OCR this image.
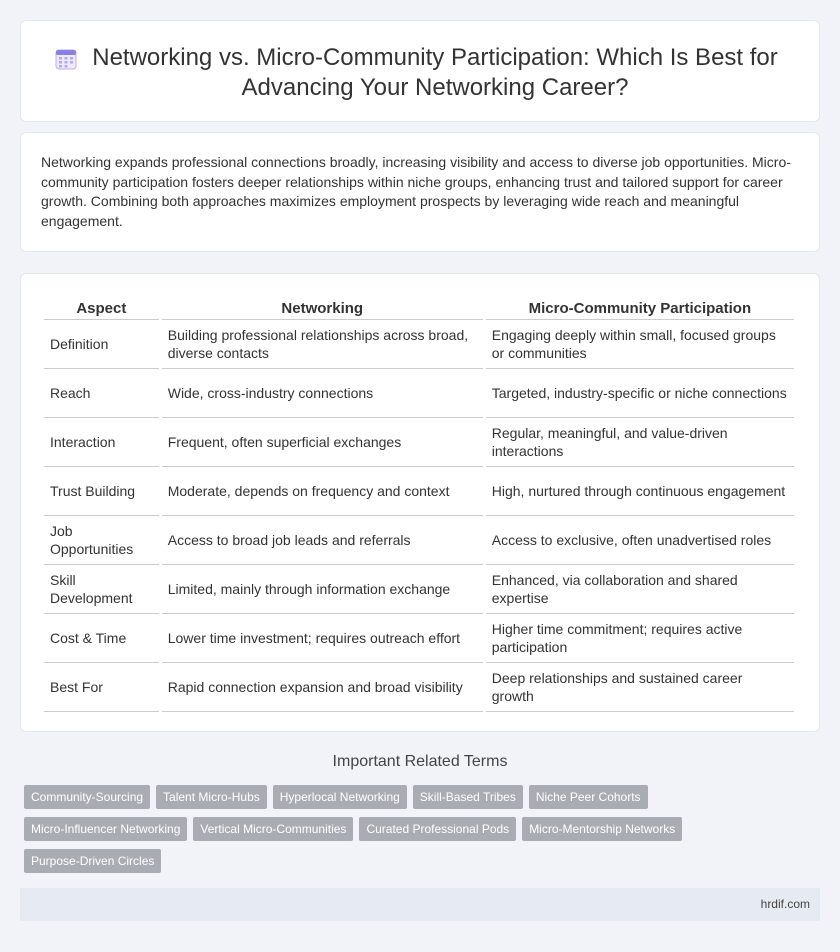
Networking vs. Micro-Community Participation: Which Is Best for Advancing Your Networking Career?

Networking expands professional connections broadly, increasing visibility and access to diverse job opportunities. Micro-community participation fosters deeper relationships within niche groups, enhancing trust and tailored support for career growth. Combining both approaches maximizes employment prospects by leveraging wide reach and meaningful engagement.

Aspect	Networking	Micro-Community Participation
Definition	Building professional relationships across broad, diverse contacts	Engaging deeply within small, focused groups or communities
Reach	Wide, cross-industry connections	Targeted, industry-specific or niche connections
Interaction	Frequent, often superficial exchanges	Regular, meaningful, and value-driven interactions
Trust Building	Moderate, depends on frequency and context	High, nurtured through continuous engagement
Job Opportunities	Access to broad job leads and referrals	Access to exclusive, often unadvertised roles
Skill Development	Limited, mainly through information exchange	Enhanced, via collaboration and shared expertise
Cost & Time	Lower time investment; requires outreach effort	Higher time commitment; requires active participation
Best For	Rapid connection expansion and broad visibility	Deep relationships and sustained career growth
Important Related Terms
Community-Sourcing	Talent Micro-Hubs	Hyperlocal Networking	Skill-Based Tribes	Niche Peer Cohorts
Micro-Influencer Networking	Vertical Micro-Communities	Curated Professional Pods	Micro-Mentorship Networks
Purpose-Driven Circles
hrdif.com
